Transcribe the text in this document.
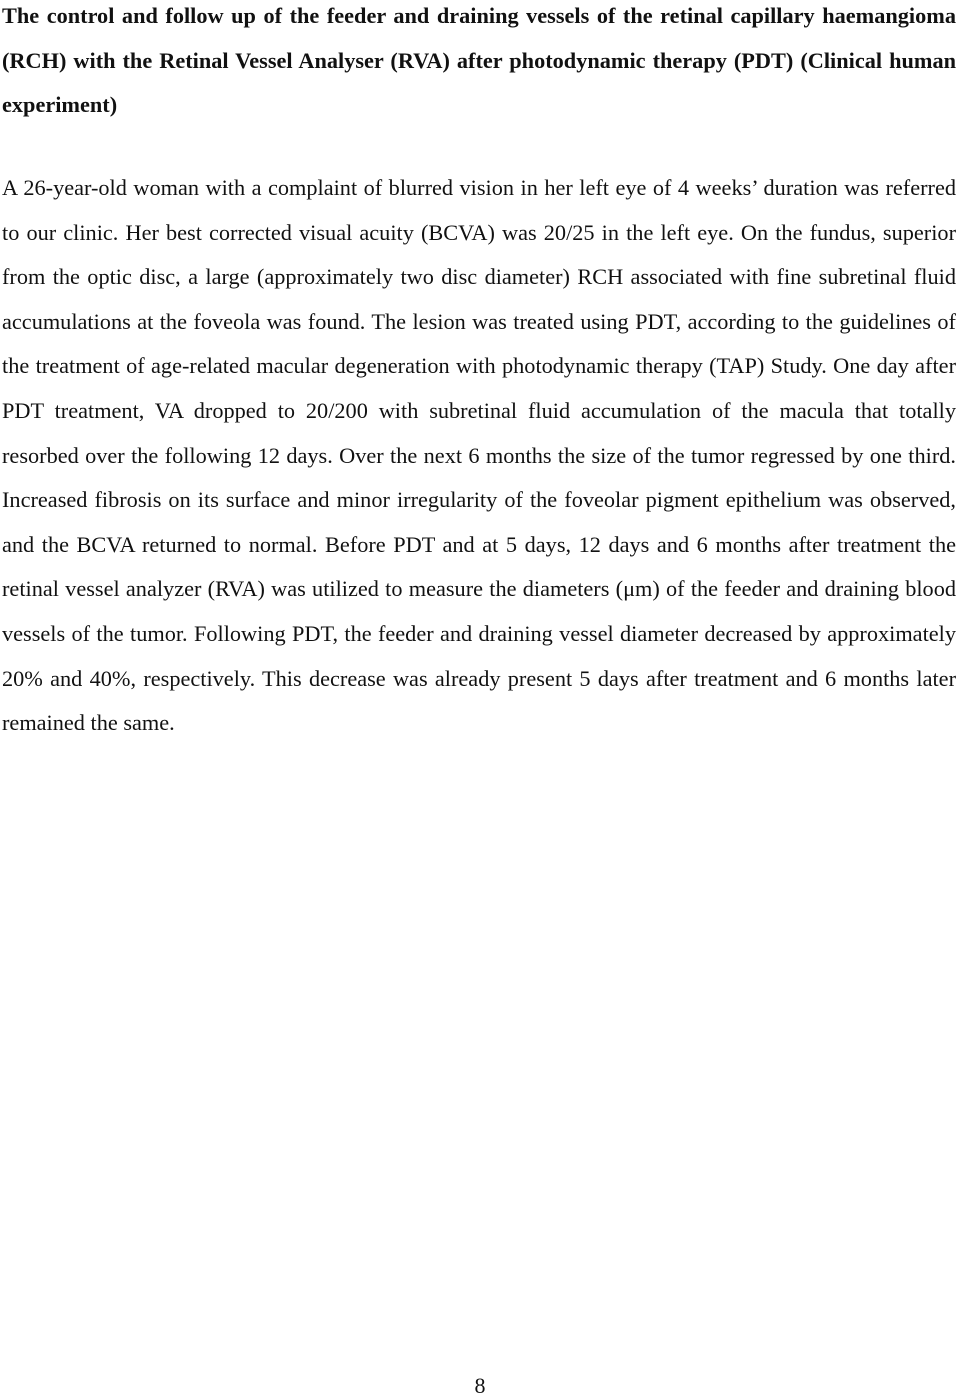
The control and follow up of the feeder and draining vessels of the retinal capillary haemangioma (RCH) with the Retinal Vessel Analyser (RVA) after photodynamic therapy (PDT) (Clinical human experiment)

A 26-year-old woman with a complaint of blurred vision in her left eye of 4 weeks’ duration was referred to our clinic. Her best corrected visual acuity (BCVA) was 20/25 in the left eye. On the fundus, superior from the optic disc, a large (approximately two disc diameter) RCH associated with fine subretinal fluid accumulations at the foveola was found. The lesion was treated using PDT, according to the guidelines of the treatment of age-related macular degeneration with photodynamic therapy (TAP) Study. One day after PDT treatment, VA dropped to 20/200 with subretinal fluid accumulation of the macula that totally resorbed over the following 12 days. Over the next 6 months the size of the tumor regressed by one third. Increased fibrosis on its surface and minor irregularity of the foveolar pigment epithelium was observed, and the BCVA returned to normal. Before PDT and at 5 days, 12 days and 6 months after treatment the retinal vessel analyzer (RVA) was utilized to measure the diameters (μm) of the feeder and draining blood vessels of the tumor. Following PDT, the feeder and draining vessel diameter decreased by approximately 20% and 40%, respectively. This decrease was already present 5 days after treatment and 6 months later remained the same.

8
